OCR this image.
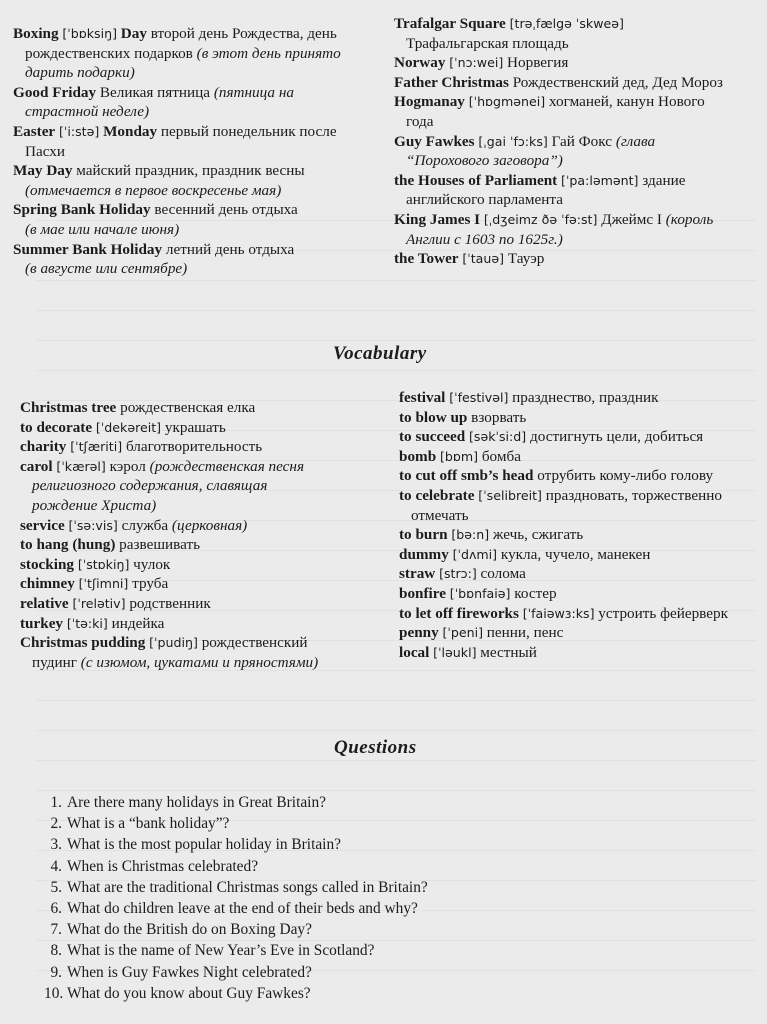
Boxing [ˈbɒksiŋ] Day второй день Рождества, день
рождественских подарков (в этот день принято
дарить подарки)

Good Friday Великая пятница (пятница на
страстной неделе)

Easter [ˈi:stə] Monday первый понедельник после
Пасхи

May Day майский праздник, праздник весны
(отмечается в первое воскресенье мая)

Spring Bank Holiday весенний день отдыха
(в мае или начале июня)

Summer Bank Holiday летний день отдыха
(в августе или сентябре)

Trafalgar Square [trəˌfælgə ˈskweə]
Трафальгарская площадь

Norway [ˈnɔ:wei] Норвегия

Father Christmas Рождественский дед, Дед Мороз

Hogmanay [ˈhɒgmənei] хогманей, канун Нового
года

Guy Fawkes [ˌgai ˈfɔ:ks] Гай Фокс (глава
“Порохового заговора”)

the Houses of Parliament [ˈpa:ləmənt] здание
английского парламента

King James I [ˌdʒeimz ðə ˈfə:st] Джеймс I (король
Англии с 1603 по 1625г.)

the Tower [ˈtauə] Тауэр

Vocabulary

Christmas tree рождественская елка

to decorate [ˈdekəreit] украшать

charity [ˈtʃæriti] благотворительность

carol [ˈkærəl] кэрол (рождественская песня
религиозного содержания, славящая
рождение Христа)

service [ˈsə:vis] служба (церковная)

to hang (hung) развешивать

stocking [ˈstɒkiŋ] чулок

chimney [ˈtʃimni] труба

relative [ˈrelətiv] родственник

turkey [ˈtə:ki] индейка

Christmas pudding [ˈpudiŋ] рождественский
пудинг (с изюмом, цукатами и пряностями)

festival [ˈfestivəl] празднество, праздник

to blow up взорвать

to succeed [səkˈsi:d] достигнуть цели, добиться

bomb [bɒm] бомба

to cut off smb’s head отрубить кому-либо голову

to celebrate [ˈselibreit] праздновать, торжественно
отмечать

to burn [bə:n] жечь, сжигать

dummy [ˈdʌmi] кукла, чучело, манекен

straw [strɔ:] солома

bonfire [ˈbɒnfaiə] костер

to let off fireworks [ˈfaiəwɜ:ks] устроить фейерверк

penny [ˈpeni] пенни, пенс

local [ˈləukl] местный

Questions
1. Are there many holidays in Great Britain?
2. What is a “bank holiday”?
3. What is the most popular holiday in Britain?
4. When is Christmas celebrated?
5. What are the traditional Christmas songs called in Britain?
6. What do children leave at the end of their beds and why?
7. What do the British do on Boxing Day?
8. What is the name of New Year’s Eve in Scotland?
9. When is Guy Fawkes Night celebrated?
10. What do you know about Guy Fawkes?
